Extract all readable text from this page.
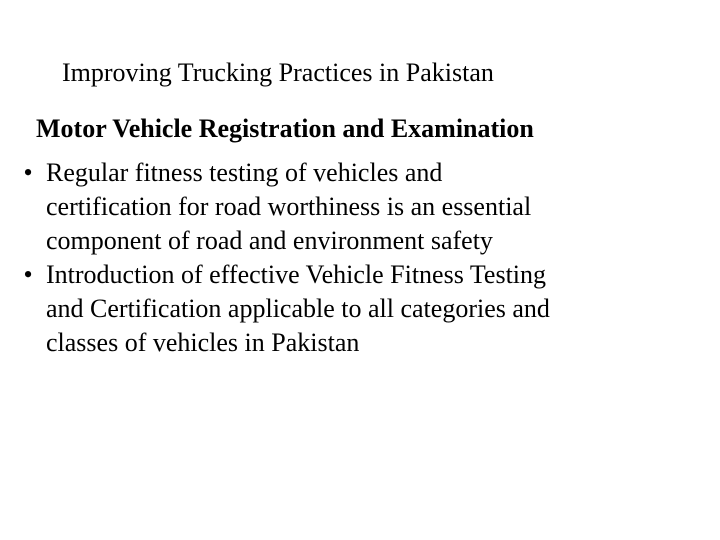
Improving Trucking Practices in Pakistan
Motor Vehicle Registration and Examination
• Regular fitness testing of vehicles and
certification for road worthiness is an essential
component of road and environment safety
• Introduction of effective Vehicle Fitness Testing
and Certification applicable to all categories and
classes of vehicles in Pakistan
